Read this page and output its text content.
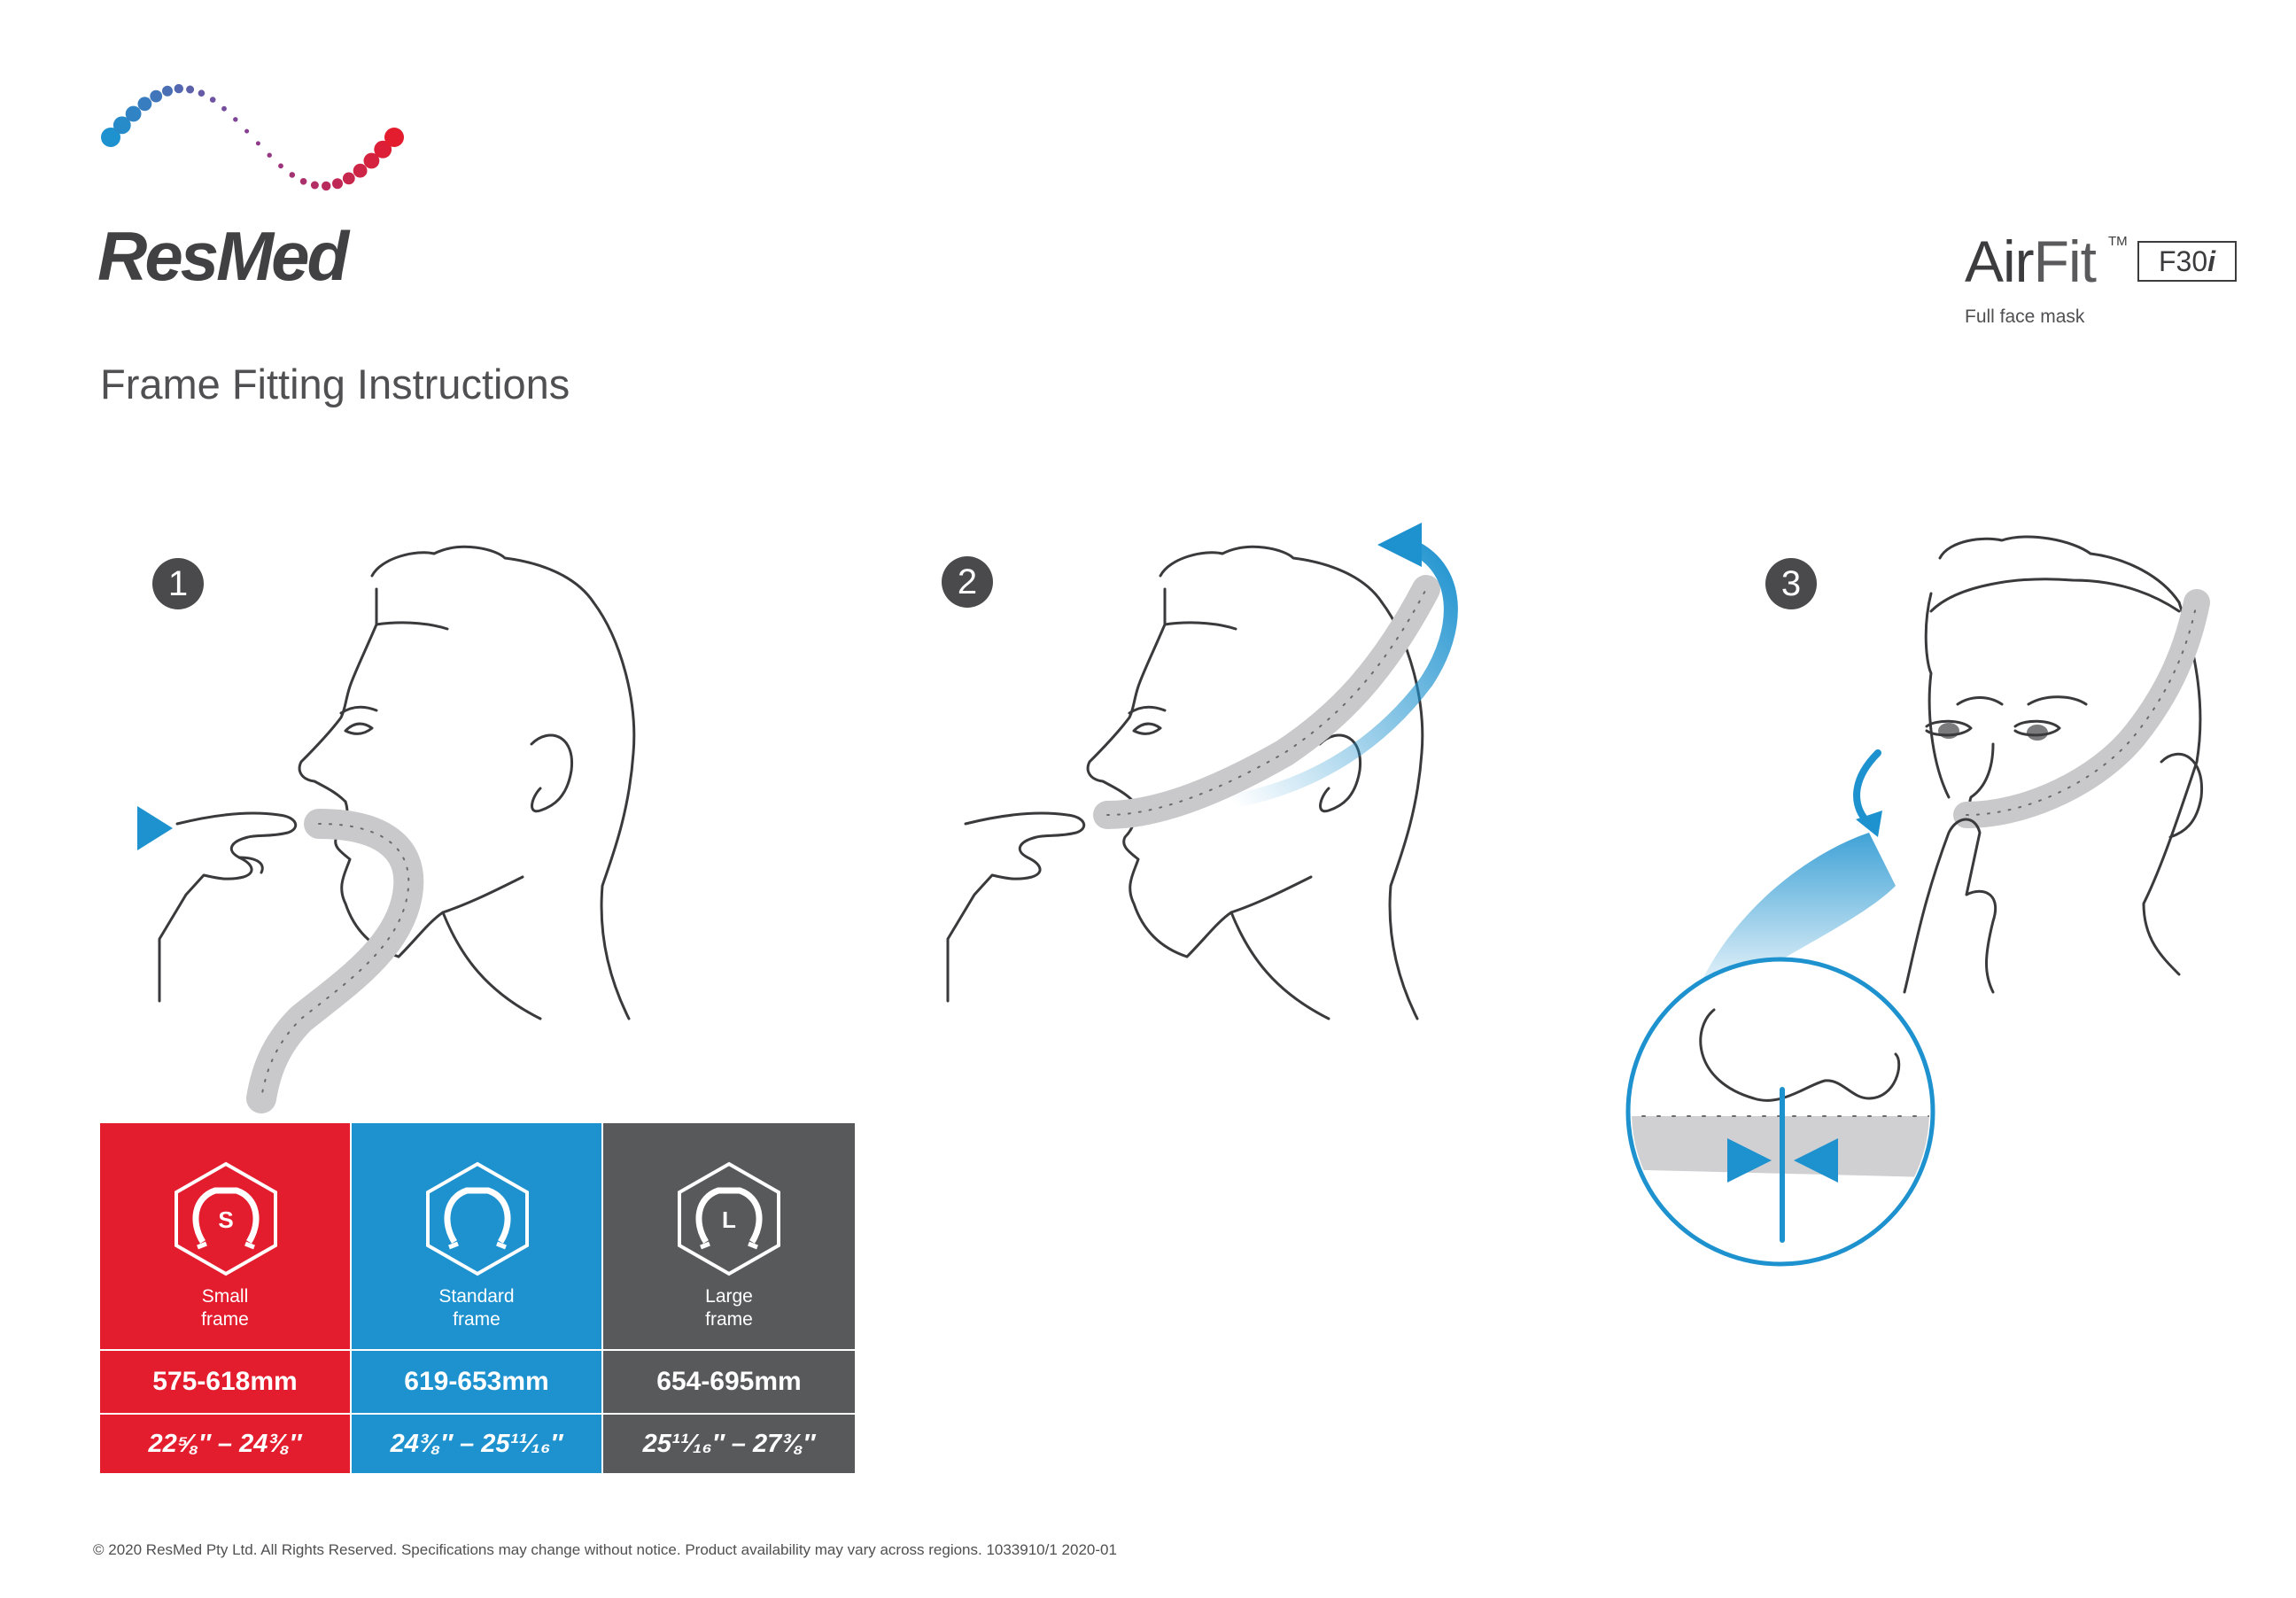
ResMed
Frame Fitting Instructions
AirFit TM
F30i
Full face mask
1	2	3
S
Small
frame
Standard
frame
L
Large
frame
575-618mm	619-653mm	654-695mm
22⅝″ – 24⅜″	24⅜″ – 25¹¹⁄₁₆″	25¹¹⁄₁₆″ – 27⅜″
© 2020 ResMed Pty Ltd. All Rights Reserved. Specifications may change without notice. Product availability may vary across regions. 1033910/1 2020-01
